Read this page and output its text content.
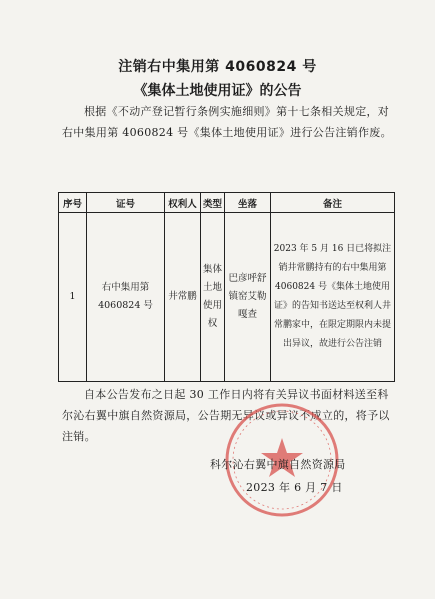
注销右中集用第 4060824 号
《集体土地使用证》的公告
根据《不动产登记暂行条例实施细则》第十七条相关规定，对右中集用第 4060824 号《集体土地使用证》进行公告注销作废。
序号	证号	权利人	类型	坐落	备注
1	右中集用第 4060824 号	井常鹏	集体土地使用权	巴彦呼舒镇窑艾勒嘎查	2023 年 5 月 16 日已将拟注销井常鹏持有的右中集用第 4060824 号《集体土地使用证》的告知书送达至权利人井常鹏家中，在限定期限内未提出异议，故进行公告注销
自本公告发布之日起 30 工作日内将有关异议书面材料送至科尔沁右翼中旗自然资源局，公告期无异议或异议不成立的，将予以注销。
科尔沁右翼中旗自然资源局
2023 年 6 月 7 日
